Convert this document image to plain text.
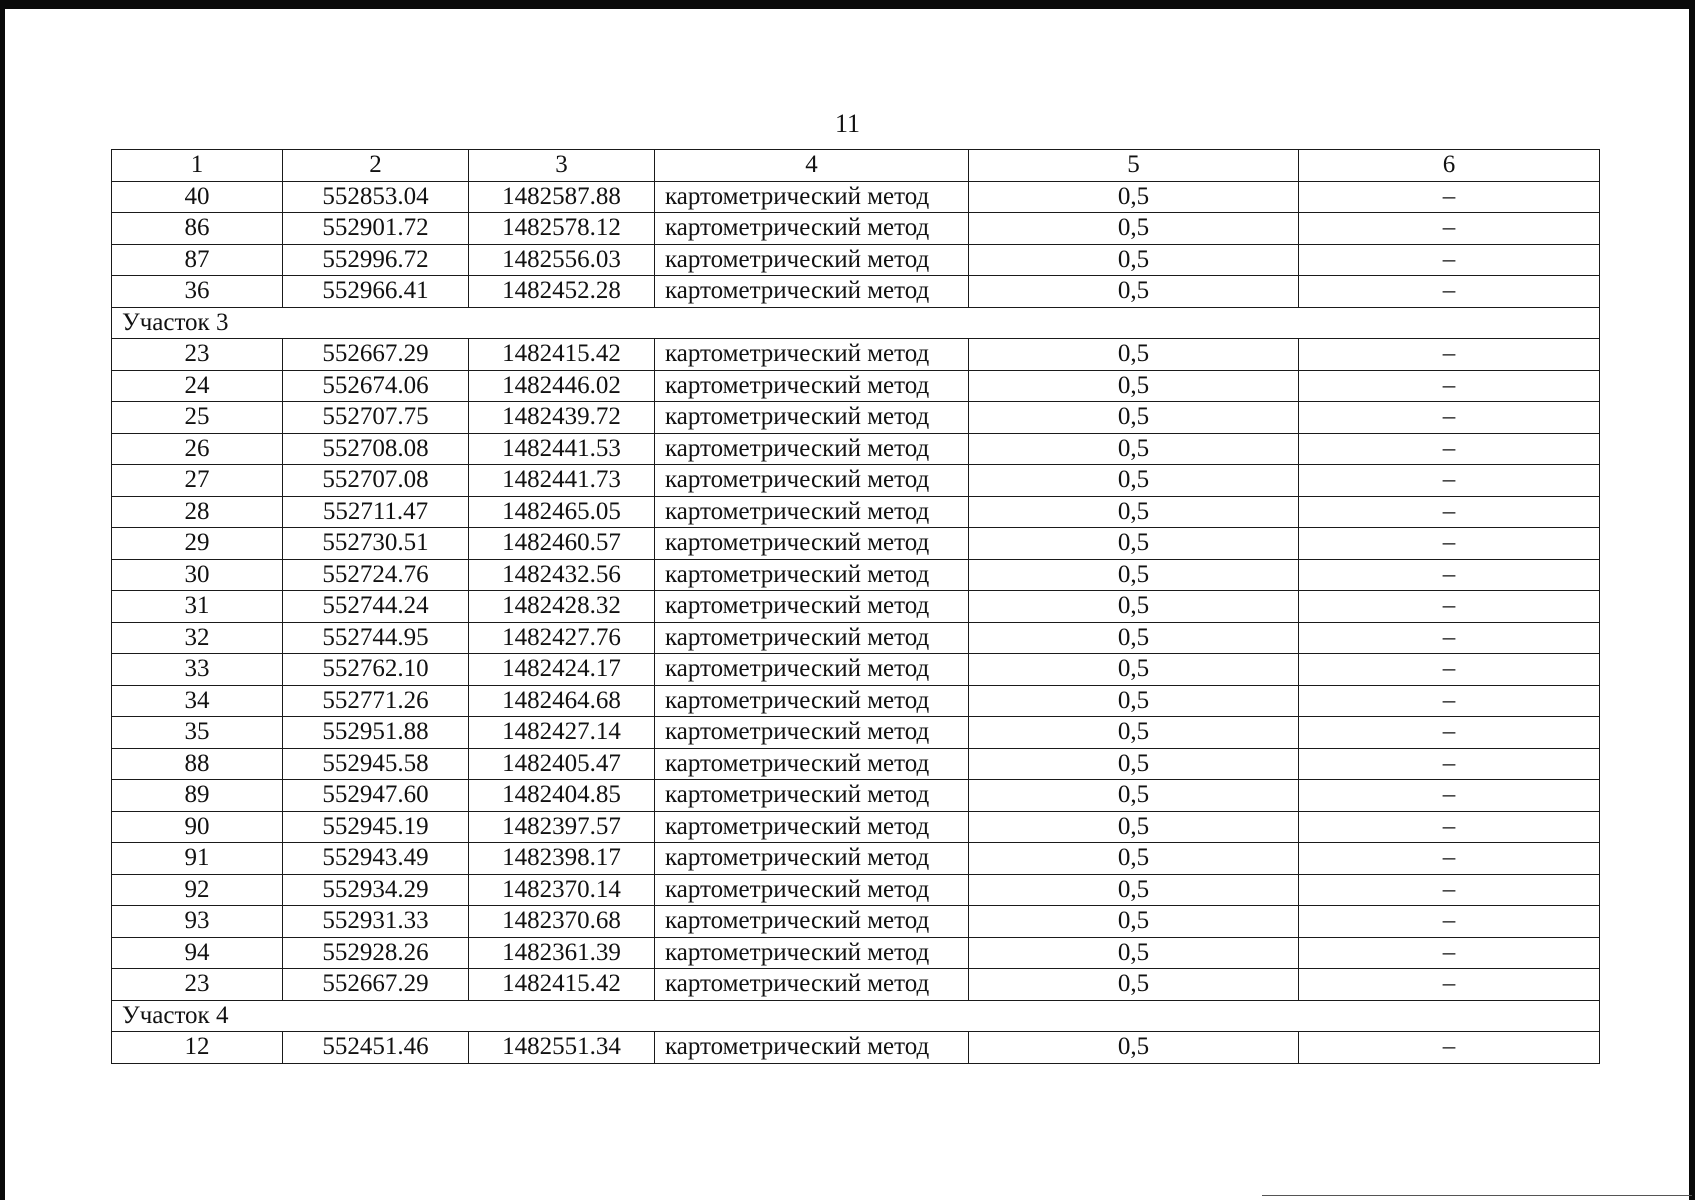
11
1	2	3	4	5	6
40	552853.04	1482587.88	картометрический метод	0,5	–
86	552901.72	1482578.12	картометрический метод	0,5	–
87	552996.72	1482556.03	картометрический метод	0,5	–
36	552966.41	1482452.28	картометрический метод	0,5	–
Участок 3					
23	552667.29	1482415.42	картометрический метод	0,5	–
24	552674.06	1482446.02	картометрический метод	0,5	–
25	552707.75	1482439.72	картометрический метод	0,5	–
26	552708.08	1482441.53	картометрический метод	0,5	–
27	552707.08	1482441.73	картометрический метод	0,5	–
28	552711.47	1482465.05	картометрический метод	0,5	–
29	552730.51	1482460.57	картометрический метод	0,5	–
30	552724.76	1482432.56	картометрический метод	0,5	–
31	552744.24	1482428.32	картометрический метод	0,5	–
32	552744.95	1482427.76	картометрический метод	0,5	–
33	552762.10	1482424.17	картометрический метод	0,5	–
34	552771.26	1482464.68	картометрический метод	0,5	–
35	552951.88	1482427.14	картометрический метод	0,5	–
88	552945.58	1482405.47	картометрический метод	0,5	–
89	552947.60	1482404.85	картометрический метод	0,5	–
90	552945.19	1482397.57	картометрический метод	0,5	–
91	552943.49	1482398.17	картометрический метод	0,5	–
92	552934.29	1482370.14	картометрический метод	0,5	–
93	552931.33	1482370.68	картометрический метод	0,5	–
94	552928.26	1482361.39	картометрический метод	0,5	–
23	552667.29	1482415.42	картометрический метод	0,5	–
Участок 4					
12	552451.46	1482551.34	картометрический метод	0,5	–
